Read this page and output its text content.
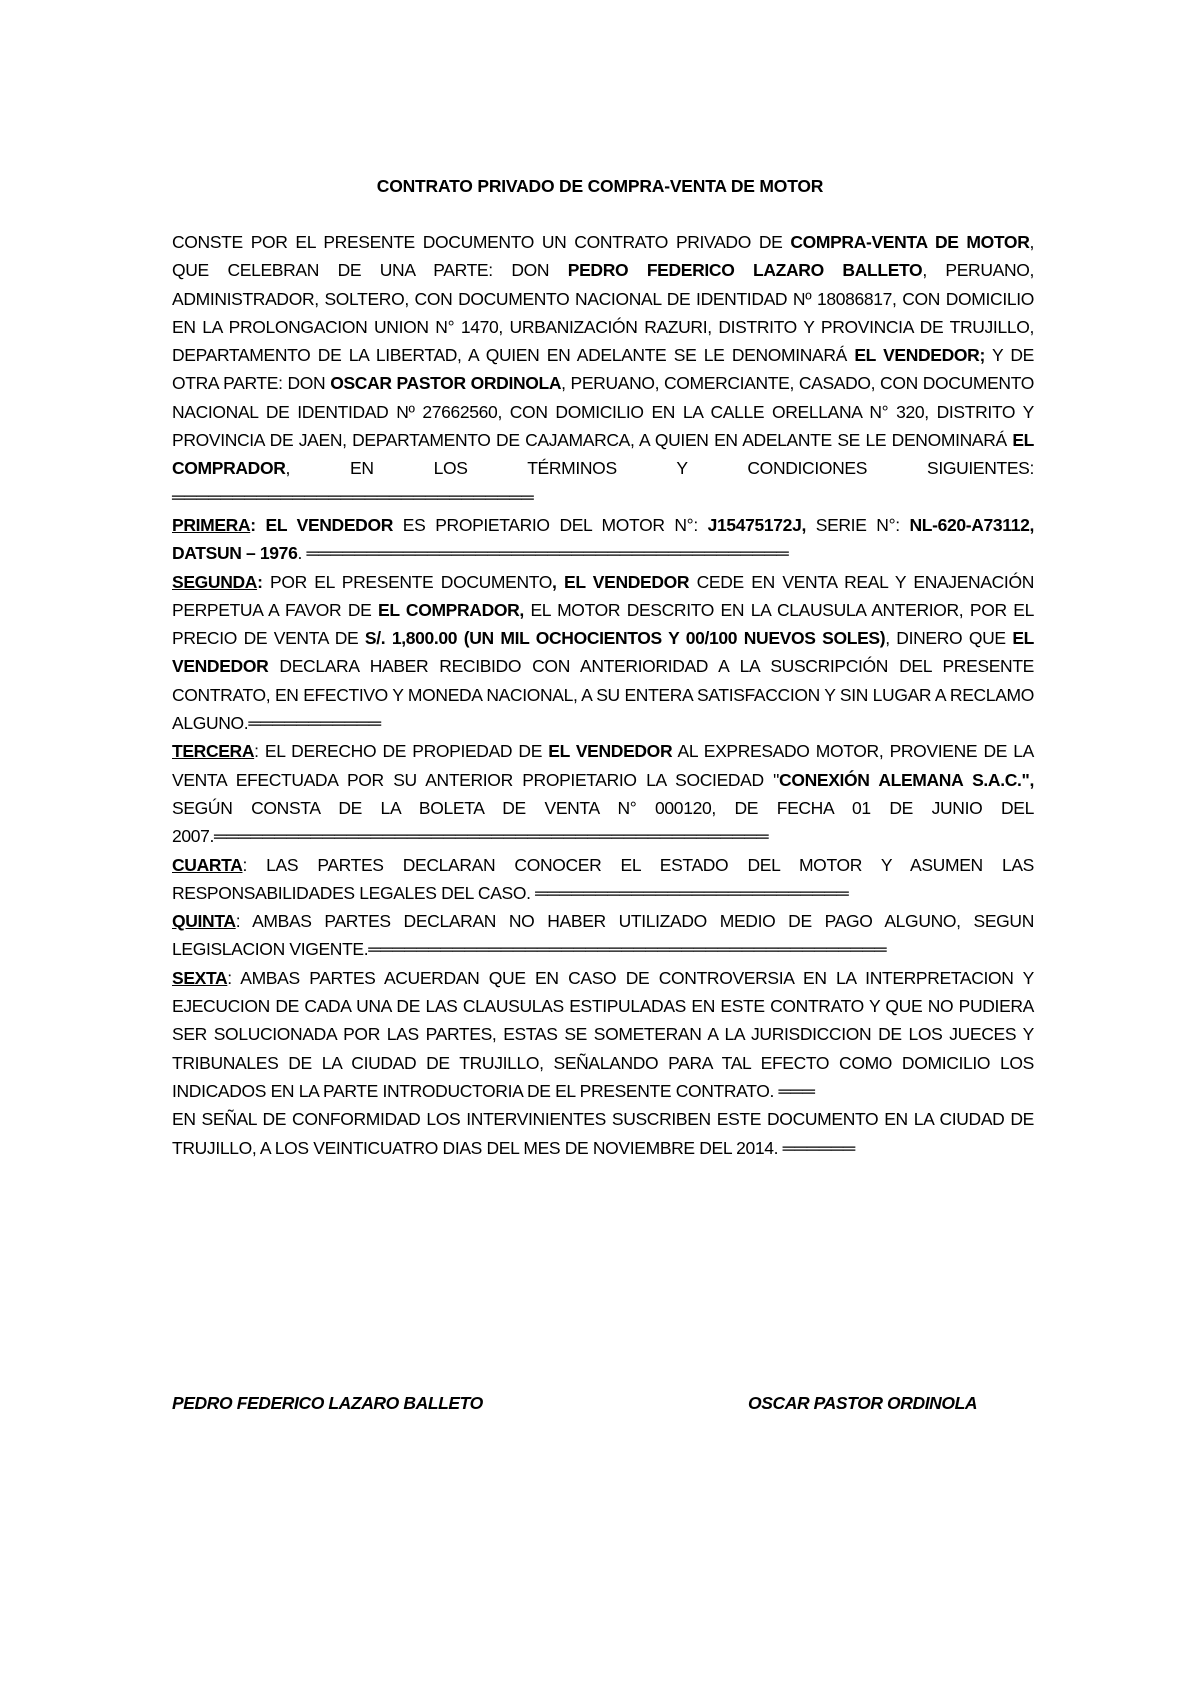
CONTRATO PRIVADO DE COMPRA-VENTA DE MOTOR

CONSTE POR EL PRESENTE DOCUMENTO UN CONTRATO PRIVADO DE COMPRA-VENTA DE MOTOR, QUE CELEBRAN DE UNA PARTE: DON PEDRO FEDERICO LAZARO BALLETO, PERUANO, ADMINISTRADOR, SOLTERO, CON DOCUMENTO NACIONAL DE IDENTIDAD Nº 18086817, CON DOMICILIO EN LA PROLONGACION UNION N° 1470, URBANIZACIÓN RAZURI, DISTRITO Y PROVINCIA DE TRUJILLO, DEPARTAMENTO DE LA LIBERTAD, A QUIEN EN ADELANTE SE LE DENOMINARÁ EL VENDEDOR; Y DE OTRA PARTE: DON OSCAR PASTOR ORDINOLA, PERUANO, COMERCIANTE, CASADO, CON DOCUMENTO NACIONAL DE IDENTIDAD Nº 27662560, CON DOMICILIO EN LA CALLE ORELLANA N° 320, DISTRITO Y PROVINCIA DE JAEN, DEPARTAMENTO DE CAJAMARCA, A QUIEN EN ADELANTE SE LE DENOMINARÁ EL COMPRADOR, EN LOS TÉRMINOS Y CONDICIONES SIGUIENTES: ══════════════════════════════

PRIMERA: EL VENDEDOR ES PROPIETARIO DEL MOTOR N°: J15475172J, SERIE N°: NL-620-A73112, DATSUN – 1976. ════════════════════════════════════════

SEGUNDA: POR EL PRESENTE DOCUMENTO, EL VENDEDOR CEDE EN VENTA REAL Y ENAJENACIÓN PERPETUA A FAVOR DE EL COMPRADOR, EL MOTOR DESCRITO EN LA CLAUSULA ANTERIOR, POR EL PRECIO DE VENTA DE S/. 1,800.00 (UN MIL OCHOCIENTOS Y 00/100 NUEVOS SOLES), DINERO QUE EL VENDEDOR DECLARA HABER RECIBIDO CON ANTERIORIDAD A LA SUSCRIPCIÓN DEL PRESENTE CONTRATO, EN EFECTIVO Y MONEDA NACIONAL, A SU ENTERA SATISFACCION Y SIN LUGAR A RECLAMO ALGUNO.═══════════

TERCERA: EL DERECHO DE PROPIEDAD DE EL VENDEDOR AL EXPRESADO MOTOR, PROVIENE DE LA VENTA EFECTUADA POR SU ANTERIOR PROPIETARIO LA SOCIEDAD "CONEXIÓN ALEMANA S.A.C.", SEGÚN CONSTA DE LA BOLETA DE VENTA N° 000120, DE FECHA 01 DE JUNIO DEL 2007.══════════════════════════════════════════════

CUARTA: LAS PARTES DECLARAN CONOCER EL ESTADO DEL MOTOR Y ASUMEN LAS RESPONSABILIDADES LEGALES DEL CASO. ══════════════════════════

QUINTA: AMBAS PARTES DECLARAN NO HABER UTILIZADO MEDIO DE PAGO ALGUNO, SEGUN LEGISLACION VIGENTE.═══════════════════════════════════════════

SEXTA: AMBAS PARTES ACUERDAN QUE EN CASO DE CONTROVERSIA EN LA INTERPRETACION Y EJECUCION DE CADA UNA DE LAS CLAUSULAS ESTIPULADAS EN ESTE CONTRATO Y QUE NO PUDIERA SER SOLUCIONADA POR LAS PARTES, ESTAS SE SOMETERAN A LA JURISDICCION DE LOS JUECES Y TRIBUNALES DE LA CIUDAD DE TRUJILLO, SEÑALANDO PARA TAL EFECTO COMO DOMICILIO LOS INDICADOS EN LA PARTE INTRODUCTORIA DE EL PRESENTE CONTRATO. ═══

EN SEÑAL DE CONFORMIDAD LOS INTERVINIENTES SUSCRIBEN ESTE DOCUMENTO EN LA CIUDAD DE TRUJILLO, A LOS VEINTICUATRO DIAS DEL MES DE NOVIEMBRE DEL 2014. ══════

PEDRO FEDERICO LAZARO BALLETO	OSCAR PASTOR ORDINOLA
